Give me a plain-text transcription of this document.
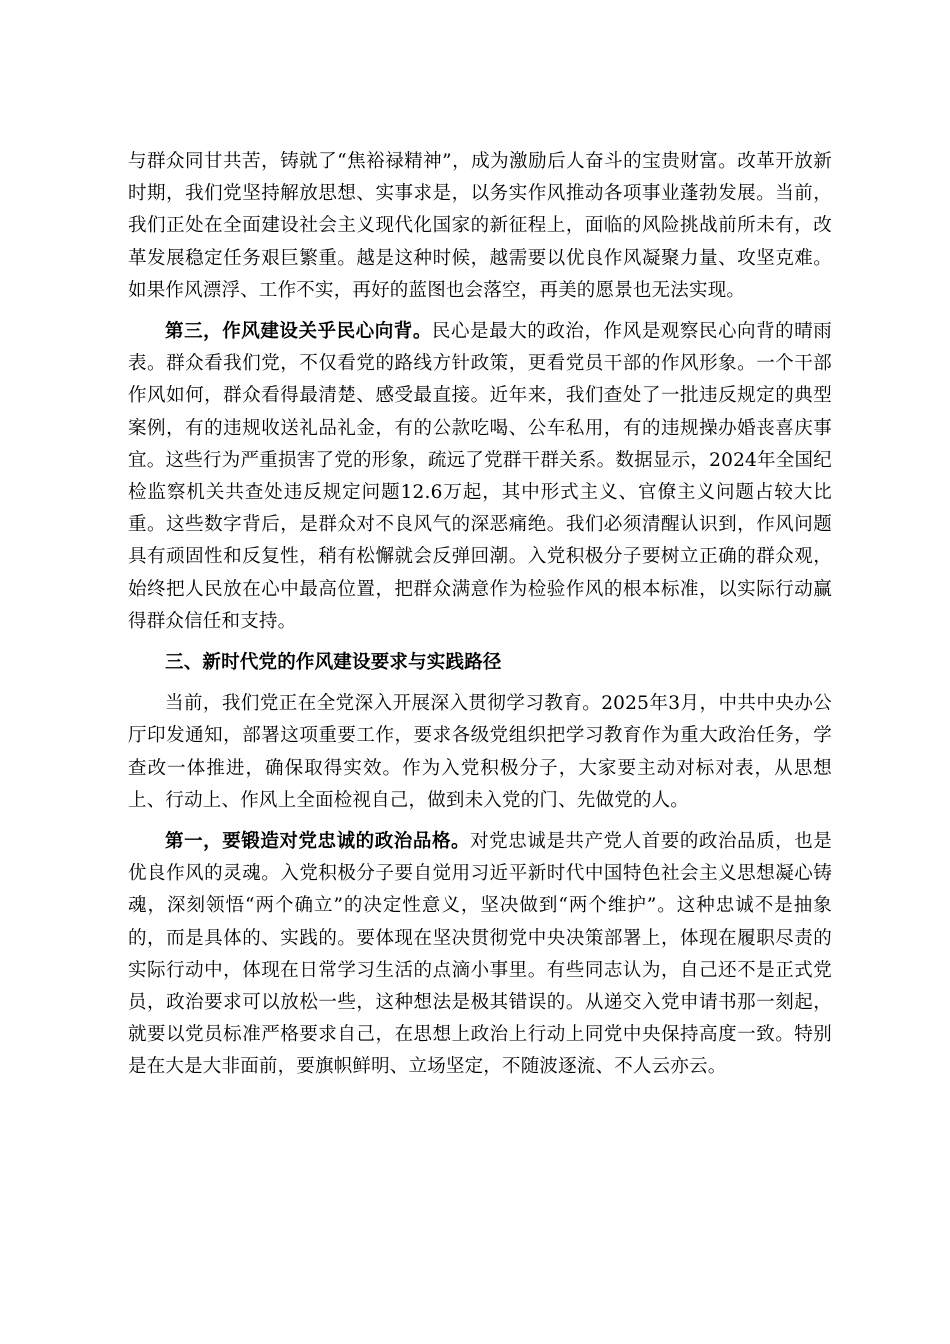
与群众同甘共苦，铸就了“焦裕禄精神”，成为激励后人奋斗的宝贵财富。改革开放新时期，我们党坚持解放思想、实事求是，以务实作风推动各项事业蓬勃发展。当前，我们正处在全面建设社会主义现代化国家的新征程上，面临的风险挑战前所未有，改革发展稳定任务艰巨繁重。越是这种时候，越需要以优良作风凝聚力量、攻坚克难。如果作风漂浮、工作不实，再好的蓝图也会落空，再美的愿景也无法实现。

第三，作风建设关乎民心向背。民心是最大的政治，作风是观察民心向背的晴雨表。群众看我们党，不仅看党的路线方针政策，更看党员干部的作风形象。一个干部作风如何，群众看得最清楚、感受最直接。近年来，我们查处了一批违反规定的典型案例，有的违规收送礼品礼金，有的公款吃喝、公车私用，有的违规操办婚丧喜庆事宜。这些行为严重损害了党的形象，疏远了党群干群关系。数据显示，2024年全国纪检监察机关共查处违反规定问题12.6万起，其中形式主义、官僚主义问题占较大比重。这些数字背后，是群众对不良风气的深恶痛绝。我们必须清醒认识到，作风问题具有顽固性和反复性，稍有松懈就会反弹回潮。入党积极分子要树立正确的群众观，始终把人民放在心中最高位置，把群众满意作为检验作风的根本标准，以实际行动赢得群众信任和支持。

三、新时代党的作风建设要求与实践路径

当前，我们党正在全党深入开展深入贯彻学习教育。2025年3月，中共中央办公厅印发通知，部署这项重要工作，要求各级党组织把学习教育作为重大政治任务，学查改一体推进，确保取得实效。作为入党积极分子，大家要主动对标对表，从思想上、行动上、作风上全面检视自己，做到未入党的门、先做党的人。

第一，要锻造对党忠诚的政治品格。对党忠诚是共产党人首要的政治品质，也是优良作风的灵魂。入党积极分子要自觉用习近平新时代中国特色社会主义思想凝心铸魂，深刻领悟“两个确立”的决定性意义，坚决做到“两个维护”。这种忠诚不是抽象的，而是具体的、实践的。要体现在坚决贯彻党中央决策部署上，体现在履职尽责的实际行动中，体现在日常学习生活的点滴小事里。有些同志认为，自己还不是正式党员，政治要求可以放松一些，这种想法是极其错误的。从递交入党申请书那一刻起，就要以党员标准严格要求自己，在思想上政治上行动上同党中央保持高度一致。特别是在大是大非面前，要旗帜鲜明、立场坚定，不随波逐流、不人云亦云。
